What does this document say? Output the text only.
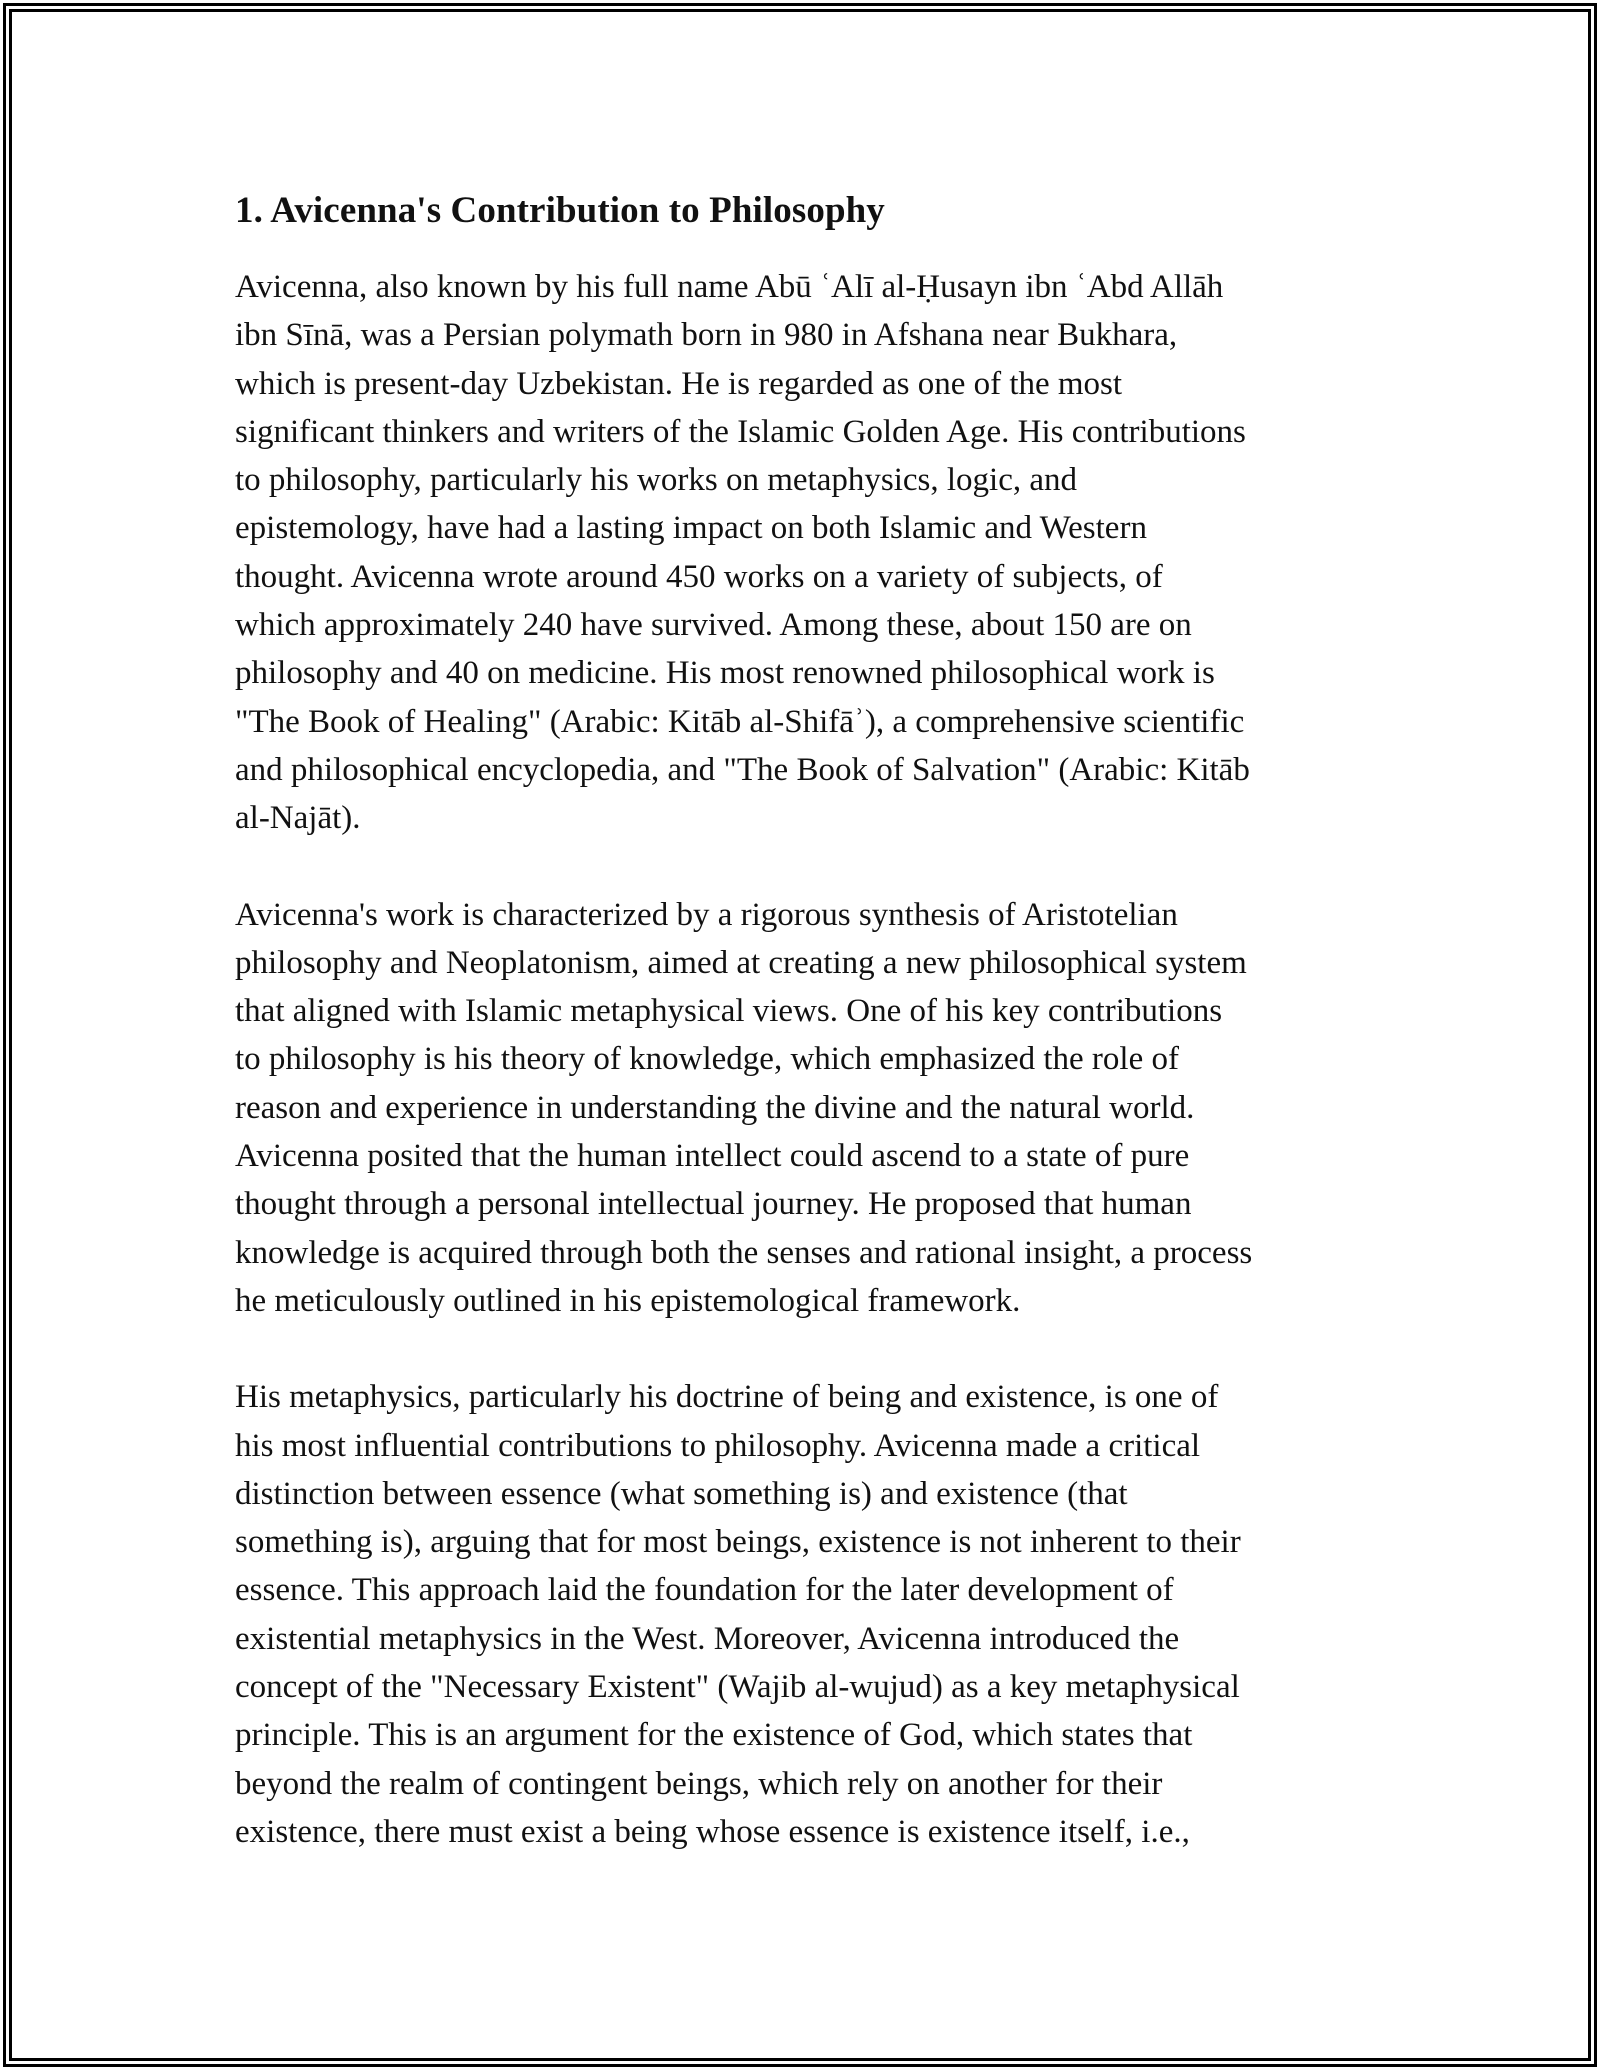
1. Avicenna's Contribution to Philosophy

Avicenna, also known by his full name Abū ʿAlī al-Ḥusayn ibn ʿAbd Allāh
ibn Sīnā, was a Persian polymath born in 980 in Afshana near Bukhara,
which is present-day Uzbekistan. He is regarded as one of the most
significant thinkers and writers of the Islamic Golden Age. His contributions
to philosophy, particularly his works on metaphysics, logic, and
epistemology, have had a lasting impact on both Islamic and Western
thought. Avicenna wrote around 450 works on a variety of subjects, of
which approximately 240 have survived. Among these, about 150 are on
philosophy and 40 on medicine. His most renowned philosophical work is
"The Book of Healing" (Arabic: Kitāb al-Shifāʾ), a comprehensive scientific
and philosophical encyclopedia, and "The Book of Salvation" (Arabic: Kitāb
al-Najāt).

Avicenna's work is characterized by a rigorous synthesis of Aristotelian
philosophy and Neoplatonism, aimed at creating a new philosophical system
that aligned with Islamic metaphysical views. One of his key contributions
to philosophy is his theory of knowledge, which emphasized the role of
reason and experience in understanding the divine and the natural world.
Avicenna posited that the human intellect could ascend to a state of pure
thought through a personal intellectual journey. He proposed that human
knowledge is acquired through both the senses and rational insight, a process
he meticulously outlined in his epistemological framework.

His metaphysics, particularly his doctrine of being and existence, is one of
his most influential contributions to philosophy. Avicenna made a critical
distinction between essence (what something is) and existence (that
something is), arguing that for most beings, existence is not inherent to their
essence. This approach laid the foundation for the later development of
existential metaphysics in the West. Moreover, Avicenna introduced the
concept of the "Necessary Existent" (Wajib al-wujud) as a key metaphysical
principle. This is an argument for the existence of God, which states that
beyond the realm of contingent beings, which rely on another for their
existence, there must exist a being whose essence is existence itself, i.e.,
